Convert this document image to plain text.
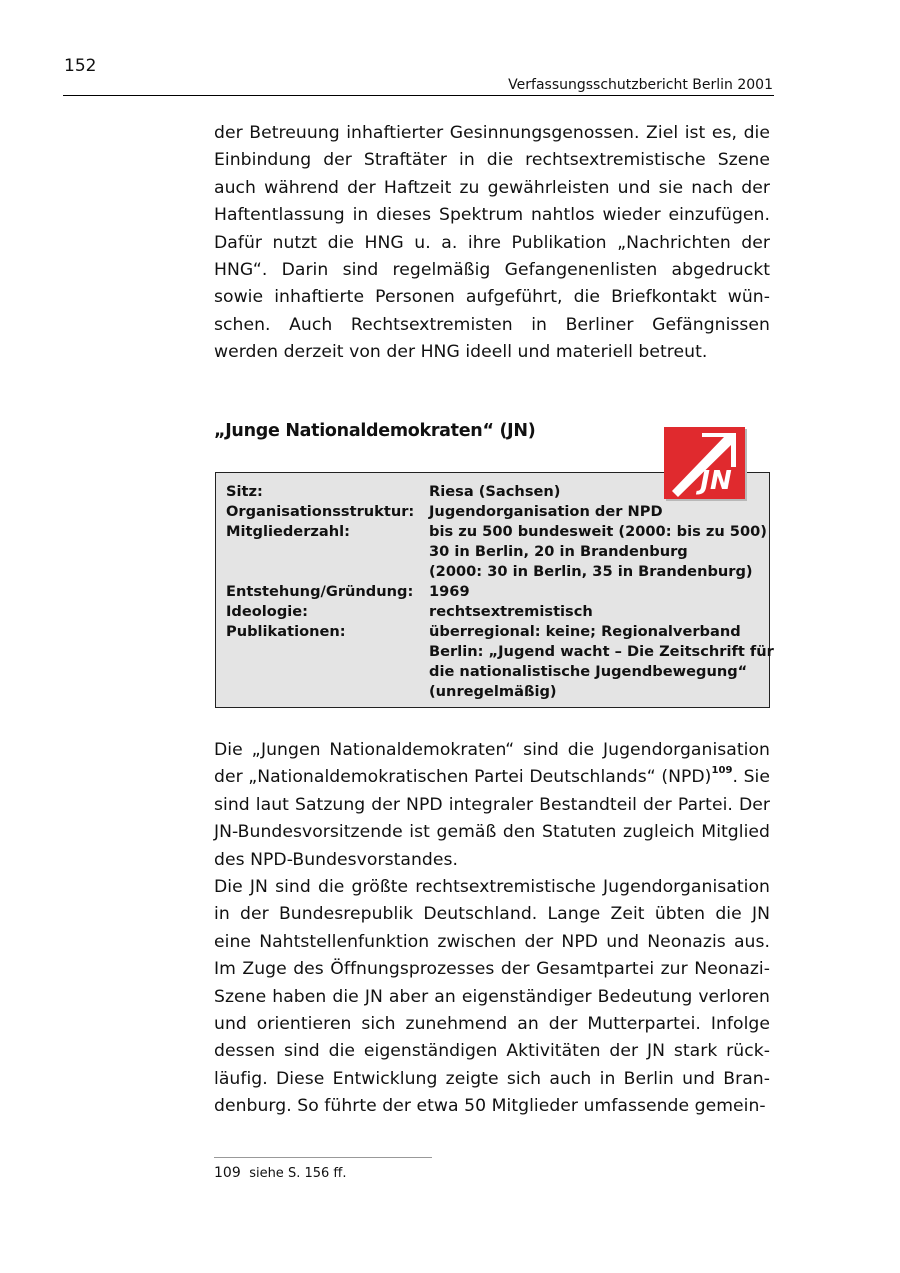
152
Verfassungsschutzbericht Berlin 2001

der Betreuung inhaftierter Gesinnungsgenossen. Ziel ist es, die Einbindung der Straftäter in die rechtsextremistische Szene auch während der Haftzeit zu gewährleisten und sie nach der Haftentlassung in dieses Spektrum nahtlos wieder einzufügen. Dafür nutzt die HNG u. a. ihre Publikation „Nachrichten der HNG“. Darin sind regelmäßig Gefangenenlisten abgedruckt sowie inhaftierte Personen aufgeführt, die Briefkontakt wün-schen. Auch Rechtsextremisten in Berliner Gefängnissen werden derzeit von der HNG ideell und materiell betreut.

„Junge Nationaldemokraten“ (JN)
Sitz:	Riesa (Sachsen)
Organisationsstruktur:	Jugendorganisation der NPD
Mitgliederzahl:	bis zu 500 bundesweit (2000: bis zu 500)
30 in Berlin, 20 in Brandenburg
(2000: 30 in Berlin, 35 in Brandenburg)
Entstehung/Gründung:	1969
Ideologie:	rechtsextremistisch
Publikationen:	überregional: keine; Regionalverband
Berlin: „Jugend wacht – Die Zeitschrift für
die nationalistische Jugendbewegung“
(unregelmäßig)
JN

Die „Jungen Nationaldemokraten“ sind die Jugendorganisation der „Nationaldemokratischen Partei Deutschlands“ (NPD)$^{109}$. Sie sind laut Satzung der NPD integraler Bestandteil der Partei. Der JN-Bundesvorsitzende ist gemäß den Statuten zugleich Mitglied des NPD-Bundesvorstandes.

Die JN sind die größte rechtsextremistische Jugendorganisation in der Bundesrepublik Deutschland. Lange Zeit übten die JN eine Nahtstellenfunktion zwischen der NPD und Neonazis aus. Im Zuge des Öffnungsprozesses der Gesamtpartei zur Neonazi-Szene haben die JN aber an eigenständiger Bedeutung verloren und orientieren sich zunehmend an der Mutterpartei. Infolge dessen sind die eigenständigen Aktivitäten der JN stark rück-läufig. Diese Entwicklung zeigte sich auch in Berlin und Bran-denburg. So führte der etwa 50 Mitglieder umfassende gemein-

109 siehe S. 156 ff.
